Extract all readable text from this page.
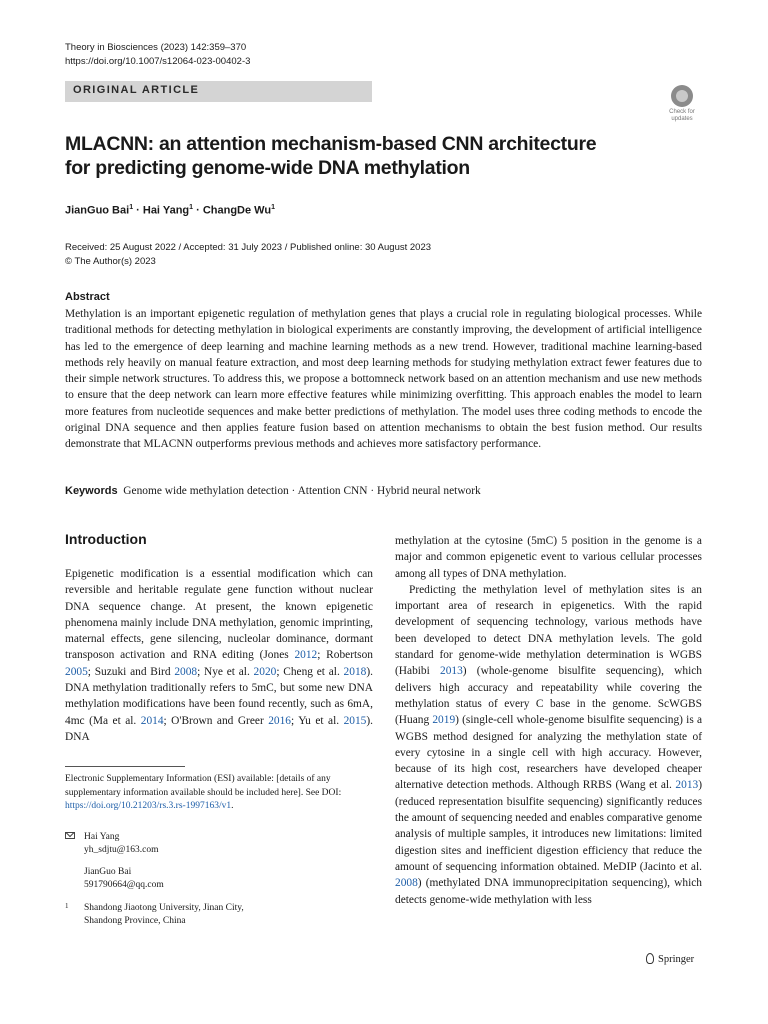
Theory in Biosciences (2023) 142:359–370
https://doi.org/10.1007/s12064-023-00402-3
ORIGINAL ARTICLE
Check for
updates
MLACNN: an attention mechanism-based CNN architecture
for predicting genome-wide DNA methylation
JianGuo Bai$^1$ · Hai Yang$^1$ · ChangDe Wu$^1$
Received: 25 August 2022 / Accepted: 31 July 2023 / Published online: 30 August 2023
© The Author(s) 2023
Abstract
Methylation is an important epigenetic regulation of methylation genes that plays a crucial role in regulating biological processes. While traditional methods for detecting methylation in biological experiments are constantly improving, the development of artificial intelligence has led to the emergence of deep learning and machine learning methods as a new trend. However, traditional machine learning-based methods rely heavily on manual feature extraction, and most deep learning methods for studying methylation extract fewer features due to their simple network structures. To address this, we propose a bottomneck network based on an attention mechanism and use new methods to ensure that the deep network can learn more effective features while minimizing overfitting. This approach enables the model to learn more features from nucleotide sequences and make better predictions of methylation. The model uses three coding methods to encode the original DNA sequence and then applies feature fusion based on attention mechanisms to obtain the best fusion method. Our results demonstrate that MLACNN outperforms previous methods and achieves more satisfactory performance.
Keywords Genome wide methylation detection · Attention CNN · Hybrid neural network
Introduction

Epigenetic modification is a essential modification which can reversible and heritable regulate gene function without nuclear DNA sequence change. At present, the known epigenetic phenomena mainly include DNA methylation, genomic imprinting, maternal effects, gene silencing, nucleolar dominance, dormant transposon activation and RNA editing (Jones 2012; Robertson 2005; Suzuki and Bird 2008; Nye et al. 2020; Cheng et al. 2018). DNA methylation traditionally refers to 5mC, but some new DNA methylation modifications have been found recently, such as 6mA, 4mc (Ma et al. 2014; O'Brown and Greer 2016; Yu et al. 2015). DNA

methylation at the cytosine (5mC) 5 position in the genome is a major and common epigenetic event to various cellular processes among all types of DNA methylation.

Predicting the methylation level of methylation sites is an important area of research in epigenetics. With the rapid development of sequencing technology, various methods have been developed to detect DNA methylation levels. The gold standard for genome-wide methylation determination is WGBS (Habibi 2013) (whole-genome bisulfite sequencing), which delivers high accuracy and repeatability while covering the methylation status of every C base in the genome. ScWGBS (Huang 2019) (single-cell whole-genome bisulfite sequencing) is a WGBS method designed for analyzing the methylation state of every cytosine in a single cell with high accuracy. However, because of its high cost, researchers have developed cheaper alternative detection methods. Although RRBS (Wang et al. 2013) (reduced representation bisulfite sequencing) significantly reduces the amount of sequencing needed and enables comparative genome analysis of multiple samples, it introduces new limitations: limited digestion sites and inefficient digestion efficiency that reduce the amount of sequencing information obtained. MeDIP (Jacinto et al. 2008) (methylated DNA immunoprecipitation sequencing), which detects genome-wide methylation with less

Electronic Supplementary Information (ESI) available: [details of any supplementary information available should be included here]. See DOI: https://doi.org/10.21203/rs.3.rs-1997163/v1.
Hai Yang
yh_sdjtu@163.com
JianGuo Bai
591790664@qq.com
1 Shandong Jiaotong University, Jinan City,
Shandong Province, China
Springer
